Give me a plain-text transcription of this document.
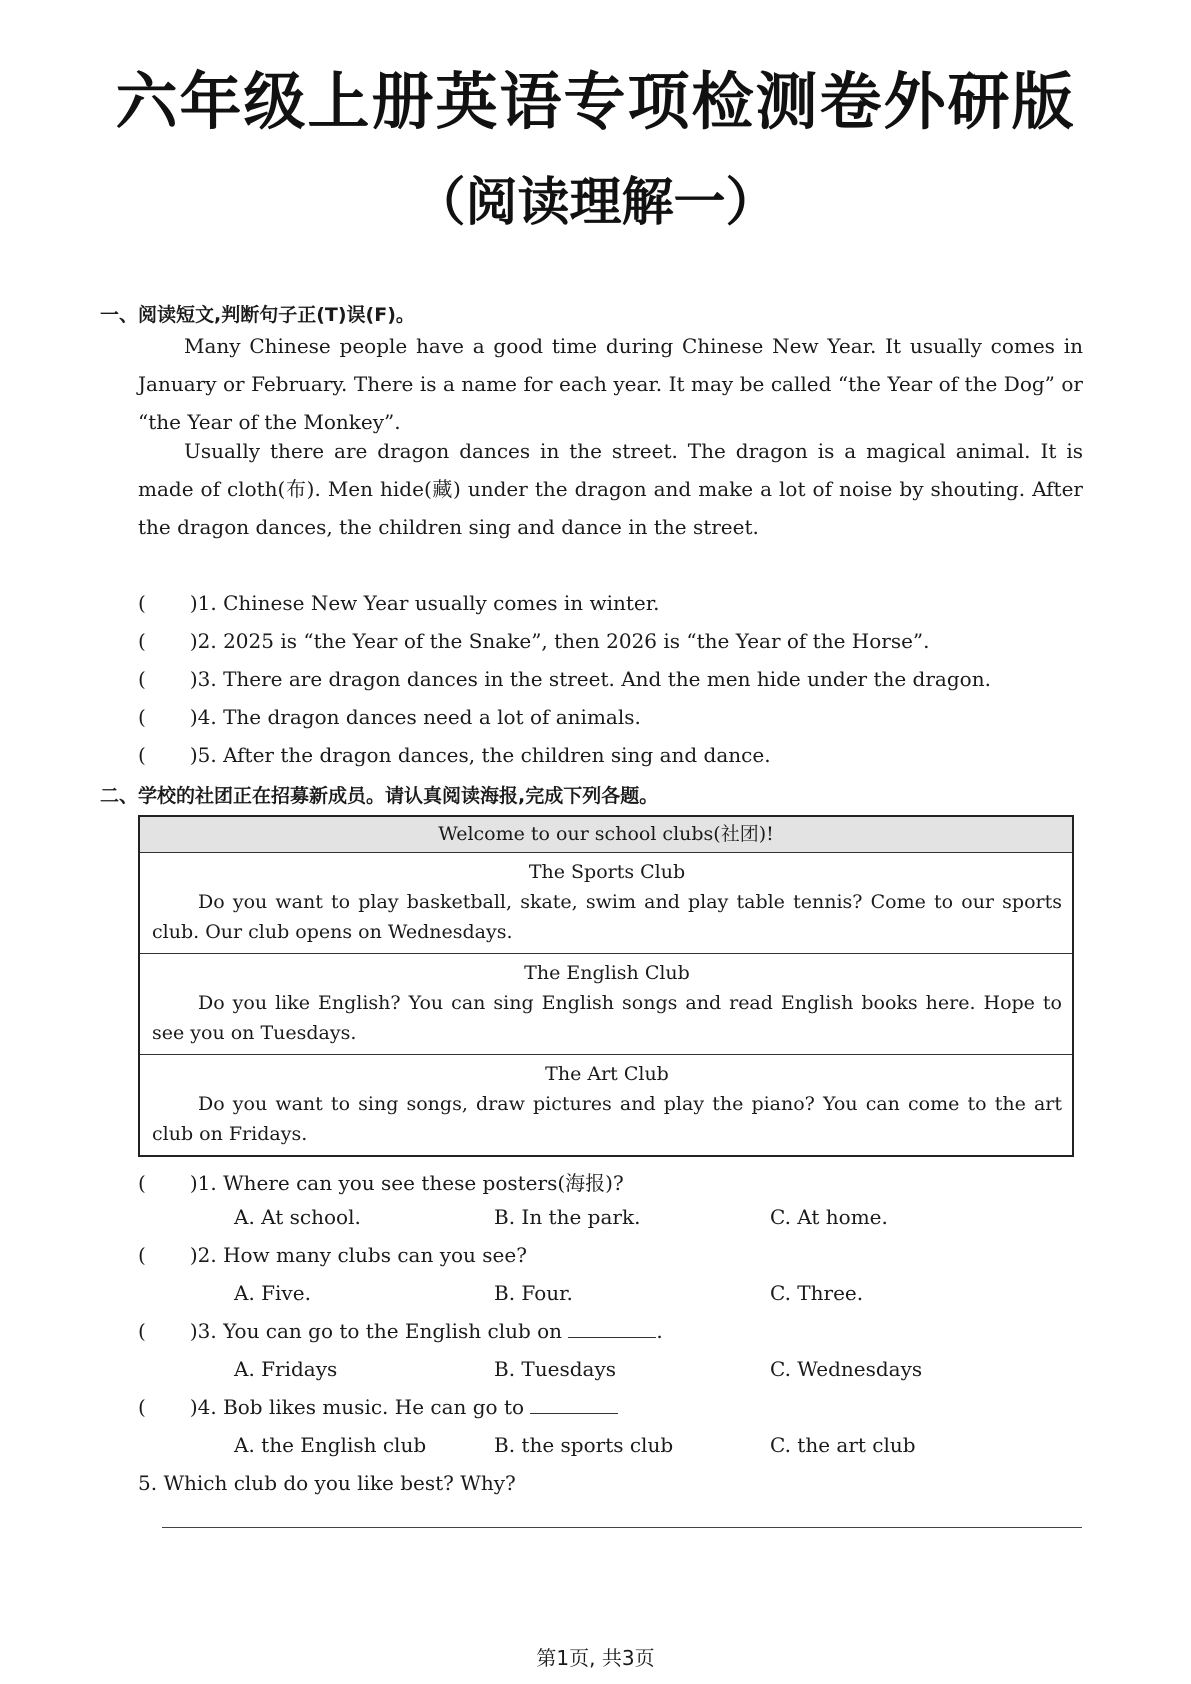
六年级上册英语专项检测卷外研版
（阅读理解一）
一、阅读短文,判断句子正(T)误(F)。
Many Chinese people have a good time during Chinese New Year. It usually comes in January or February. There is a name for each year. It may be called “the Year of the Dog” or “the Year of the Monkey”.
Usually there are dragon dances in the street. The dragon is a magical animal. It is made of cloth(布). Men hide(藏) under the dragon and make a lot of noise by shouting. After the dragon dances, the children sing and dance in the street.
( )1. Chinese New Year usually comes in winter.
( )2. 2025 is “the Year of the Snake”, then 2026 is “the Year of the Horse”.
( )3. There are dragon dances in the street. And the men hide under the dragon.
( )4. The dragon dances need a lot of animals.
( )5. After the dragon dances, the children sing and dance.
二、学校的社团正在招募新成员。请认真阅读海报,完成下列各题。
Welcome to our school clubs(社团)!
The Sports Club
Do you want to play basketball, skate, swim and play table tennis? Come to our sports club. Our club opens on Wednesdays.
The English Club
Do you like English? You can sing English songs and read English books here. Hope to see you on Tuesdays.
The Art Club
Do you want to sing songs, draw pictures and play the piano? You can come to the art club on Fridays.
( )1. Where can you see these posters(海报)?
A. At school.	B. In the park.	C. At home.
( )2. How many clubs can you see?
A. Five.	B. Four.	C. Three.
( )3. You can go to the English club on	.
A. Fridays	B. Tuesdays	C. Wednesdays
( )4. Bob likes music. He can go to
A. the English club	B. the sports club	C. the art club
5. Which club do you like best? Why?
第1页, 共3页
